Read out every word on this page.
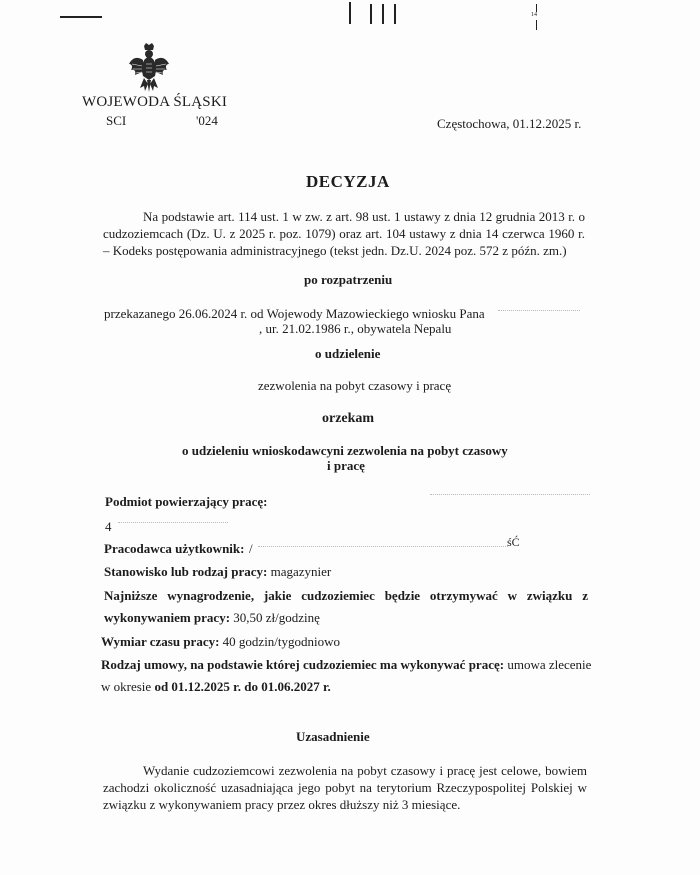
14
WOJEWODA ŚLĄSKI
SCI	'024	Częstochowa, 01.12.2025 r.
DECYZJA
Na podstawie art. 114 ust. 1 w zw. z art. 98 ust. 1 ustawy z dnia 12 grudnia 2013 r. o cudzoziemcach (Dz. U. z 2025 r. poz. 1079) oraz art. 104 ustawy z dnia 14 czerwca 1960 r. – Kodeks postępowania administracyjnego (tekst jedn. Dz.U. 2024 poz. 572 z późn. zm.)
po rozpatrzeniu
przekazanego 26.06.2024 r. od Wojewody Mazowieckiego wniosku Pana
, ur. 21.02.1986 r., obywatela Nepalu
o udzielenie
zezwolenia na pobyt czasowy i pracę
orzekam
o udzieleniu wnioskodawcyni zezwolenia na pobyt czasowy
i pracę
Podmiot powierzający pracę:
4
Pracodawca użytkownik: /	śĆ
Stanowisko lub rodzaj pracy: magazynier
Najniższe wynagrodzenie, jakie cudzoziemiec będzie otrzymywać w związku z
wykonywaniem pracy: 30,50 zł/godzinę
Wymiar czasu pracy: 40 godzin/tygodniowo
Rodzaj umowy, na podstawie której cudzoziemiec ma wykonywać pracę: umowa zlecenie
w okresie od 01.12.2025 r. do 01.06.2027 r.
Uzasadnienie
Wydanie cudzoziemcowi zezwolenia na pobyt czasowy i pracę jest celowe, bowiem zachodzi okoliczność uzasadniająca jego pobyt na terytorium Rzeczypospolitej Polskiej w związku z wykonywaniem pracy przez okres dłuższy niż 3 miesiące.
